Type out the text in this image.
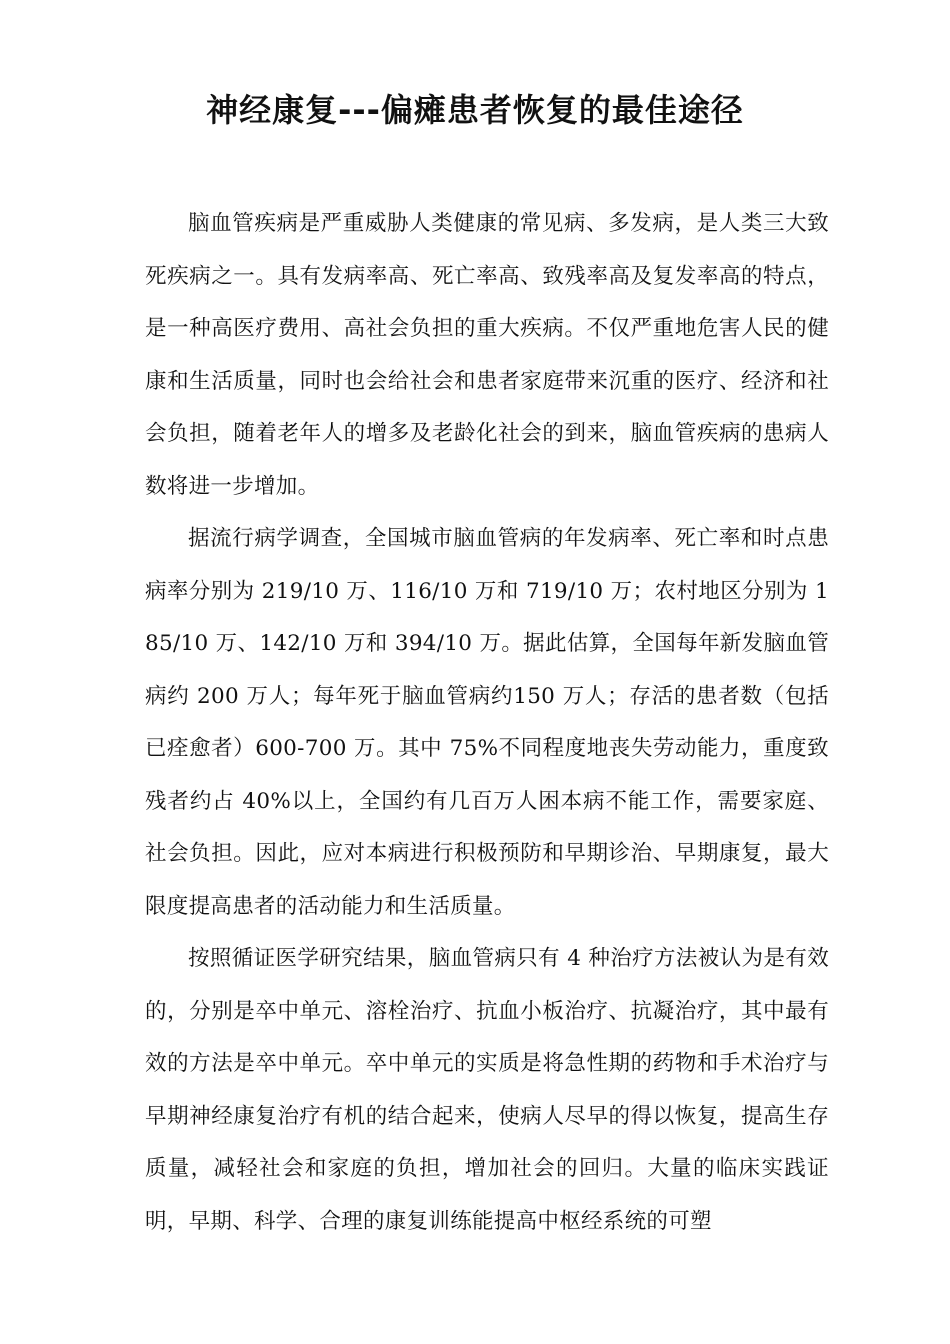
神经康复---偏瘫患者恢复的最佳途径

脑血管疾病是严重威胁人类健康的常见病、多发病，是人类三大致死疾病之一。具有发病率高、死亡率高、致残率高及复发率高的特点，是一种高医疗费用、高社会负担的重大疾病。不仅严重地危害人民的健康和生活质量，同时也会给社会和患者家庭带来沉重的医疗、经济和社会负担，随着老年人的增多及老龄化社会的到来，脑血管疾病的患病人数将进一步增加。

据流行病学调查，全国城市脑血管病的年发病率、死亡率和时点患病率分别为 219/10 万、116/10 万和 719/10 万；农村地区分别为 185/10 万、142/10 万和 394/10 万。据此估算，全国每年新发脑血管病约 200 万人；每年死于脑血管病约150 万人；存活的患者数（包括已痊愈者）600-700 万。其中 75%不同程度地丧失劳动能力，重度致残者约占 40%以上，全国约有几百万人困本病不能工作，需要家庭、社会负担。因此，应对本病进行积极预防和早期诊治、早期康复，最大限度提高患者的活动能力和生活质量。

按照循证医学研究结果，脑血管病只有 4 种治疗方法被认为是有效的，分别是卒中单元、溶栓治疗、抗血小板治疗、抗凝治疗，其中最有效的方法是卒中单元。卒中单元的实质是将急性期的药物和手术治疗与早期神经康复治疗有机的结合起来，使病人尽早的得以恢复，提高生存质量，减轻社会和家庭的负担，增加社会的回归。大量的临床实践证明，早期、科学、合理的康复训练能提高中枢经系统的可塑
